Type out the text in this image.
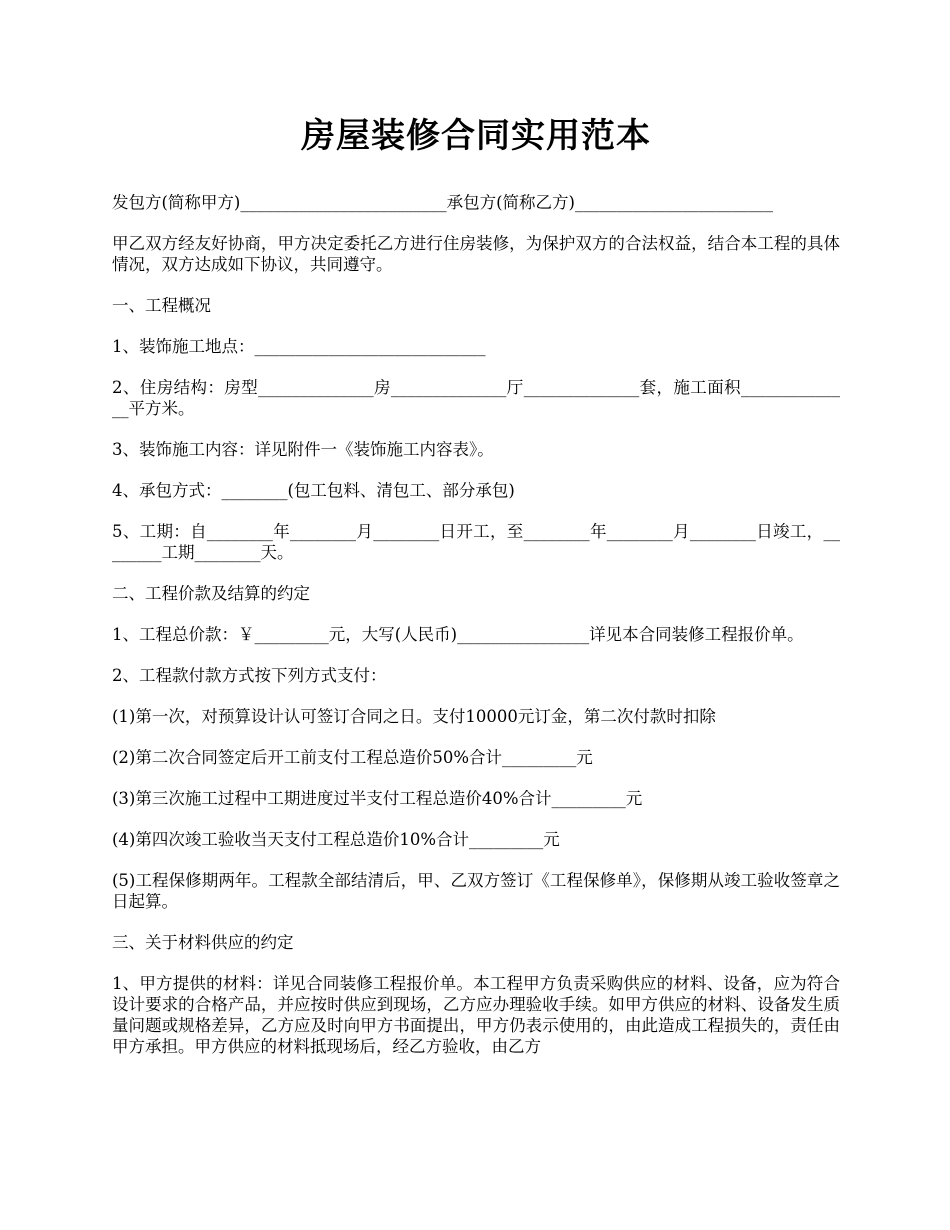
房屋装修合同实用范本

发包方(简称甲方)_________________________承包方(简称乙方)________________________

甲乙双方经友好协商，甲方决定委托乙方进行住房装修，为保护双方的合法权益，结合本工程的具体情况，双方达成如下协议，共同遵守。

一、工程概况

1、装饰施工地点：____________________________

2、住房结构：房型______________房______________厅______________套，施工面积______________平方米。

3、装饰施工内容：详见附件一《装饰施工内容表》。

4、承包方式：________(包工包料、清包工、部分承包)

5、工期：自________年________月________日开工，至________年________月________日竣工，________工期________天。

二、工程价款及结算的约定

1、工程总价款：￥_________元，大写(人民币)________________详见本合同装修工程报价单。

2、工程款付款方式按下列方式支付：

(1)第一次，对预算设计认可签订合同之日。支付10000元订金，第二次付款时扣除

(2)第二次合同签定后开工前支付工程总造价50%合计_________元

(3)第三次施工过程中工期进度过半支付工程总造价40%合计_________元

(4)第四次竣工验收当天支付工程总造价10%合计_________元

(5)工程保修期两年。工程款全部结清后，甲、乙双方签订《工程保修单》，保修期从竣工验收签章之日起算。

三、关于材料供应的约定

1、甲方提供的材料：详见合同装修工程报价单。本工程甲方负责采购供应的材料、设备，应为符合设计要求的合格产品，并应按时供应到现场，乙方应办理验收手续。如甲方供应的材料、设备发生质量问题或规格差异，乙方应及时向甲方书面提出，甲方仍表示使用的，由此造成工程损失的，责任由甲方承担。甲方供应的材料抵现场后，经乙方验收，由乙方
